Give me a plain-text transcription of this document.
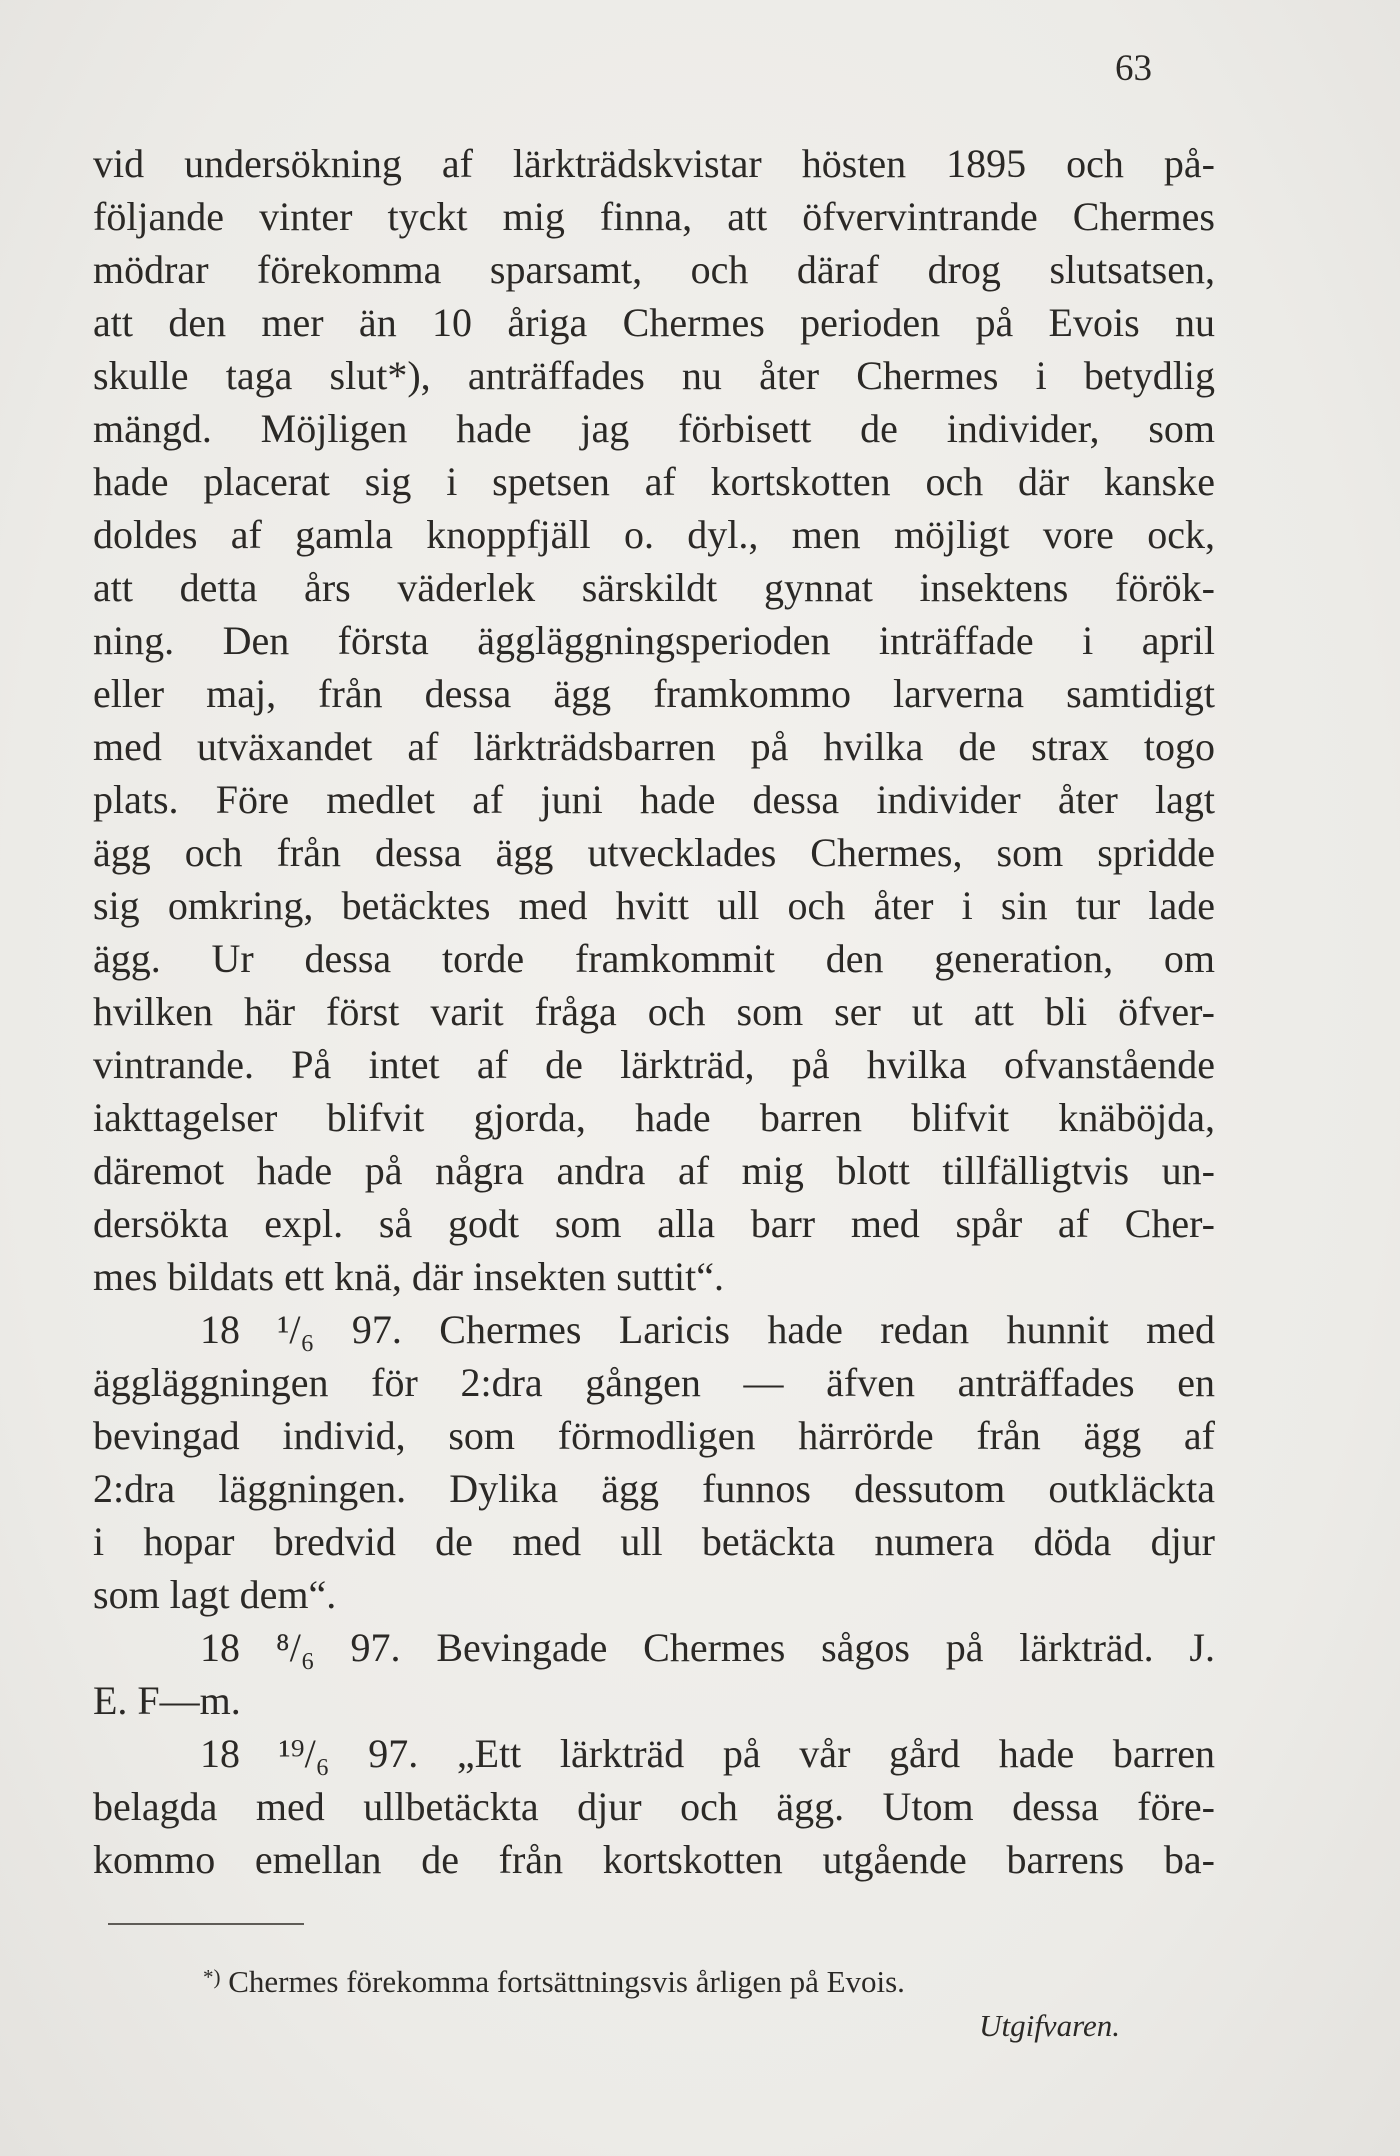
63
vid undersökning af lärkträdskvistar hösten 1895 och på-
följande vinter tyckt mig finna, att öfvervintrande Chermes
mödrar förekomma sparsamt, och däraf drog slutsatsen,
att den mer än 10 åriga Chermes perioden på Evois nu
skulle taga slut*), anträffades nu åter Chermes i betydlig
mängd. Möjligen hade jag förbisett de individer, som
hade placerat sig i spetsen af kortskotten och där kanske
doldes af gamla knoppfjäll o. dyl., men möjligt vore ock,
att detta års väderlek särskildt gynnat insektens förök-
ning. Den första äggläggningsperioden inträffade i april
eller maj, från dessa ägg framkommo larverna samtidigt
med utväxandet af lärkträdsbarren på hvilka de strax togo
plats. Före medlet af juni hade dessa individer åter lagt
ägg och från dessa ägg utvecklades Chermes, som spridde
sig omkring, betäcktes med hvitt ull och åter i sin tur lade
ägg. Ur dessa torde framkommit den generation, om
hvilken här först varit fråga och som ser ut att bli öfver-
vintrande. På intet af de lärkträd, på hvilka ofvanstående
iakttagelser blifvit gjorda, hade barren blifvit knäböjda,
däremot hade på några andra af mig blott tillfälligtvis un-
dersökta expl. så godt som alla barr med spår af Cher-
mes bildats ett knä, där insekten suttit“.
18 ¹/₆ 97. Chermes Laricis hade redan hunnit med
äggläggningen för 2:dra gången — äfven anträffades en
bevingad individ, som förmodligen härrörde från ägg af
2:dra läggningen. Dylika ägg funnos dessutom outkläckta
i hopar bredvid de med ull betäckta numera döda djur
som lagt dem“.
18 ⁸/₆ 97. Bevingade Chermes sågos på lärkträd. J.
E. F—m.
18 ¹⁹/₆ 97. „Ett lärkträd på vår gård hade barren
belagda med ullbetäckta djur och ägg. Utom dessa före-
kommo emellan de från kortskotten utgående barrens ba-
*) Chermes förekomma fortsättningsvis årligen på Evois.
Utgifvaren.
